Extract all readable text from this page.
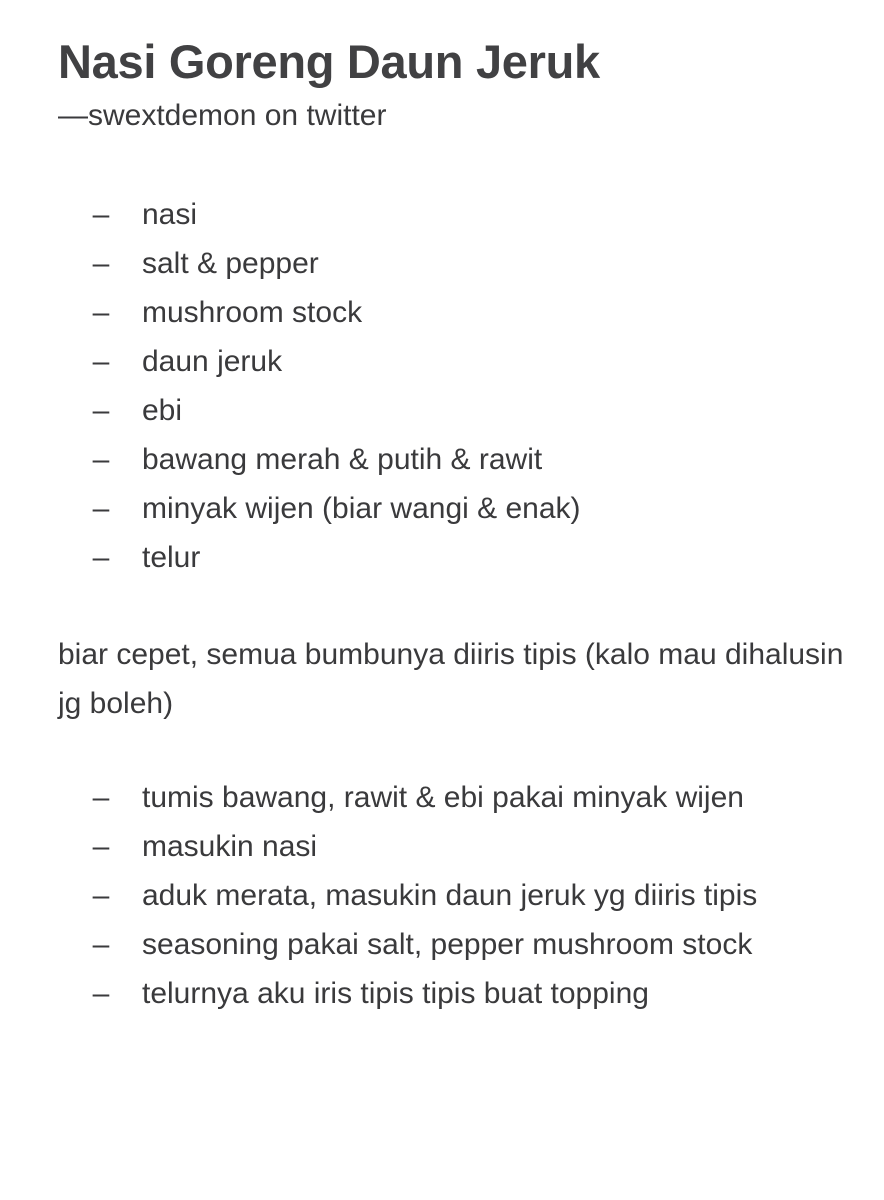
Nasi Goreng Daun Jeruk

—swextdemon on twitter

– nasi
– salt & pepper
– mushroom stock
– daun jeruk
– ebi
– bawang merah & putih & rawit
– minyak wijen (biar wangi & enak)
– telur

biar cepet, semua bumbunya diiris tipis (kalo mau dihalusin jg boleh)

– tumis bawang, rawit & ebi pakai minyak wijen
– masukin nasi
– aduk merata, masukin daun jeruk yg diiris tipis
– seasoning pakai salt, pepper mushroom stock
– telurnya aku iris tipis tipis buat topping
